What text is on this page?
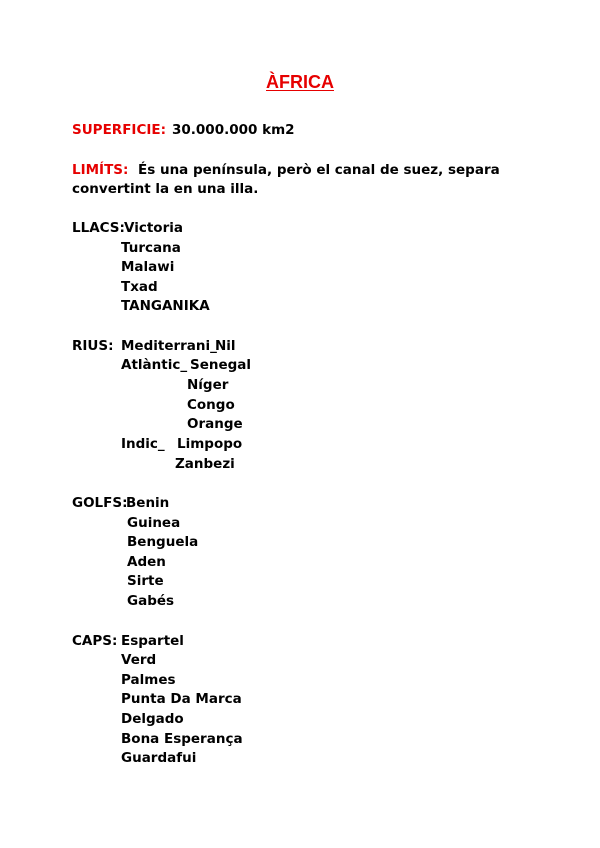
ÀFRICA
SUPERFICIE: 30.000.000 km2
LIMÍTS: És una península, però el canal de suez, separa
convertint la en una illa.
LLACS: Victoria
Turcana
Malawi
Txad
TANGANIKA
RIUS: Mediterrani_
Nil
Atlàntic_ Senegal
Níger
Congo
Orange
Indic_ Limpopo
Zanbezi
GOLFS:
Benin
Guinea
Benguela
Aden
Sirte
Gabés
CAPS: Espartel
Verd
Palmes
Punta Da Marca
Delgado
Bona Esperança
Guardafui
